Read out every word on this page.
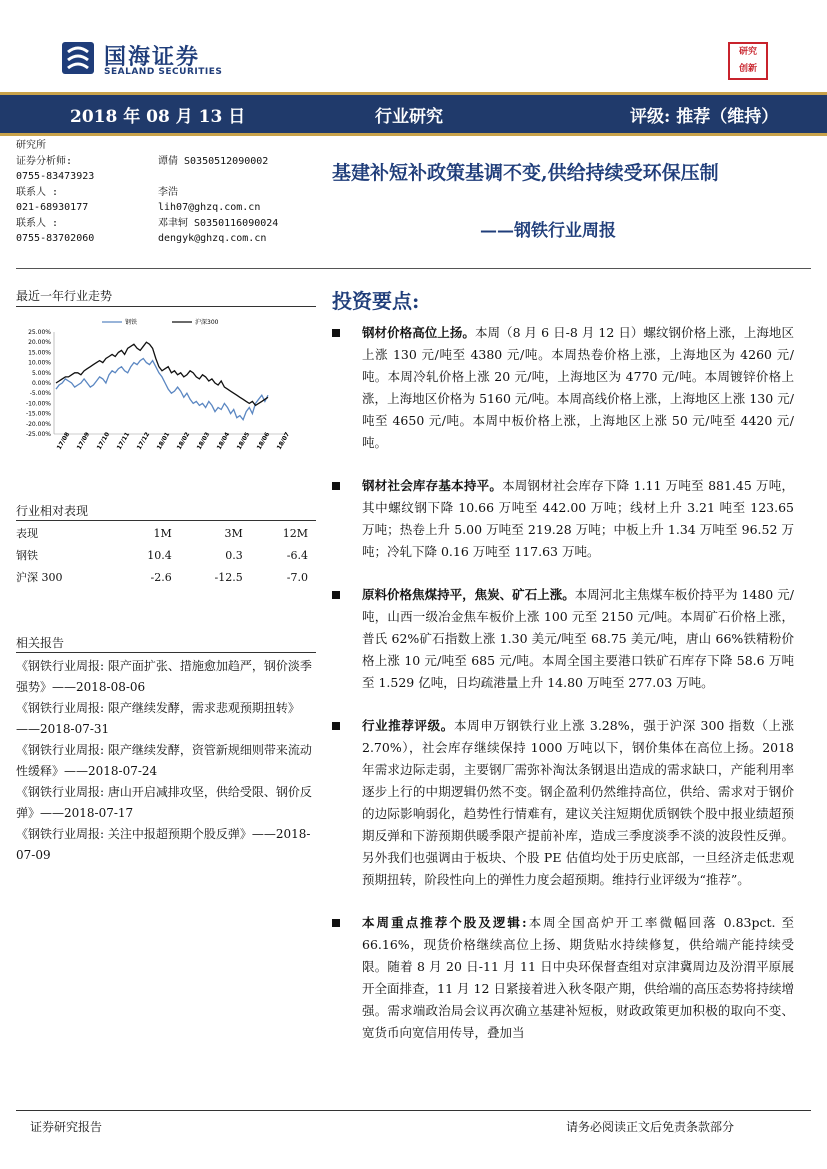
国海证券
SEALAND SECURITIES
研究
创新
2018 年 08 月 13 日	行业研究	评级: 推荐（维持）
研究所
证券分析师:	谭倩 S0350512090002
0755-83473923
联系人 :	李浩
021-68930177	lih07@ghzq.com.cn
联系人 :	邓聿轲 S0350116090024
0755-83702060	dengyk@ghzq.com.cn
基建补短补政策基调不变,供给持续受环保压制
——钢铁行业周报
最近一年行业走势
25.00%
20.00%
15.00%
10.00%
5.00%
0.00%
-5.00%
-10.00%
-15.00%
-20.00%
-25.00% 17/08 17/09 17/10 17/11 17/12 18/01 18/02 18/03 18/04 18/05 18/06 18/07
钢铁	沪深300
行业相对表现
表现	1M	3M	12M
钢铁	10.4	0.3	-6.4
沪深 300	-2.6	-12.5	-7.0
相关报告

《钢铁行业周报: 限产面扩张、措施愈加趋严，钢价淡季强势》——2018-08-06

《钢铁行业周报: 限产继续发酵，需求悲观预期扭转》——2018-07-31

《钢铁行业周报: 限产继续发酵，资管新规细则带来流动性缓释》——2018-07-24

《钢铁行业周报: 唐山开启减排攻坚，供给受限、钢价反弹》——2018-07-17

《钢铁行业周报: 关注中报超预期个股反弹》——2018-07-09

投资要点:

钢材价格高位上扬。本周（8 月 6 日-8 月 12 日）螺纹钢价格上涨，上海地区上涨 130 元/吨至 4380 元/吨。本周热卷价格上涨，上海地区为 4260 元/吨。本周冷轧价格上涨 20 元/吨，上海地区为 4770 元/吨。本周镀锌价格上涨，上海地区价格为 5160 元/吨。本周高线价格上涨，上海地区上涨 130 元/吨至 4650 元/吨。本周中板价格上涨，上海地区上涨 50 元/吨至 4420 元/吨。

钢材社会库存基本持平。本周钢材社会库存下降 1.11 万吨至 881.45 万吨，其中螺纹钢下降 10.66 万吨至 442.00 万吨；线材上升 3.21 吨至 123.65 万吨；热卷上升 5.00 万吨至 219.28 万吨；中板上升 1.34 万吨至 96.52 万吨；冷轧下降 0.16 万吨至 117.63 万吨。

原料价格焦煤持平，焦炭、矿石上涨。本周河北主焦煤车板价持平为 1480 元/吨，山西一级冶金焦车板价上涨 100 元至 2150 元/吨。本周矿石价格上涨，普氏 62%矿石指数上涨 1.30 美元/吨至 68.75 美元/吨，唐山 66%铁精粉价格上涨 10 元/吨至 685 元/吨。本周全国主要港口铁矿石库存下降 58.6 万吨至 1.529 亿吨，日均疏港量上升 14.80 万吨至 277.03 万吨。

行业推荐评级。本周申万钢铁行业上涨 3.28%，强于沪深 300 指数（上涨 2.70%），社会库存继续保持 1000 万吨以下，钢价集体在高位上扬。2018 年需求边际走弱，主要钢厂需弥补淘汰条钢退出造成的需求缺口，产能利用率逐步上行的中期逻辑仍然不变。钢企盈利仍然维持高位，供给、需求对于钢价的边际影响弱化，趋势性行情难有，建议关注短期优质钢铁个股中报业绩超预期反弹和下游预期供暖季限产提前补库，造成三季度淡季不淡的波段性反弹。另外我们也强调由于板块、个股 PE 估值均处于历史底部，一旦经济走低悲观预期扭转，阶段性向上的弹性力度会超预期。维持行业评级为“推荐”。

本周重点推荐个股及逻辑:本周全国高炉开工率微幅回落 0.83pct. 至 66.16%，现货价格继续高位上扬、期货贴水持续修复，供给端产能持续受限。随着 8 月 20 日-11 月 11 日中央环保督查组对京津冀周边及汾渭平原展开全面排查，11 月 12 日紧接着进入秋冬限产期，供给端的高压态势将持续增强。需求端政治局会议再次确立基建补短板，财政政策更加积极的取向不变、宽货币向宽信用传导，叠加当

证券研究报告	请务必阅读正文后免责条款部分
